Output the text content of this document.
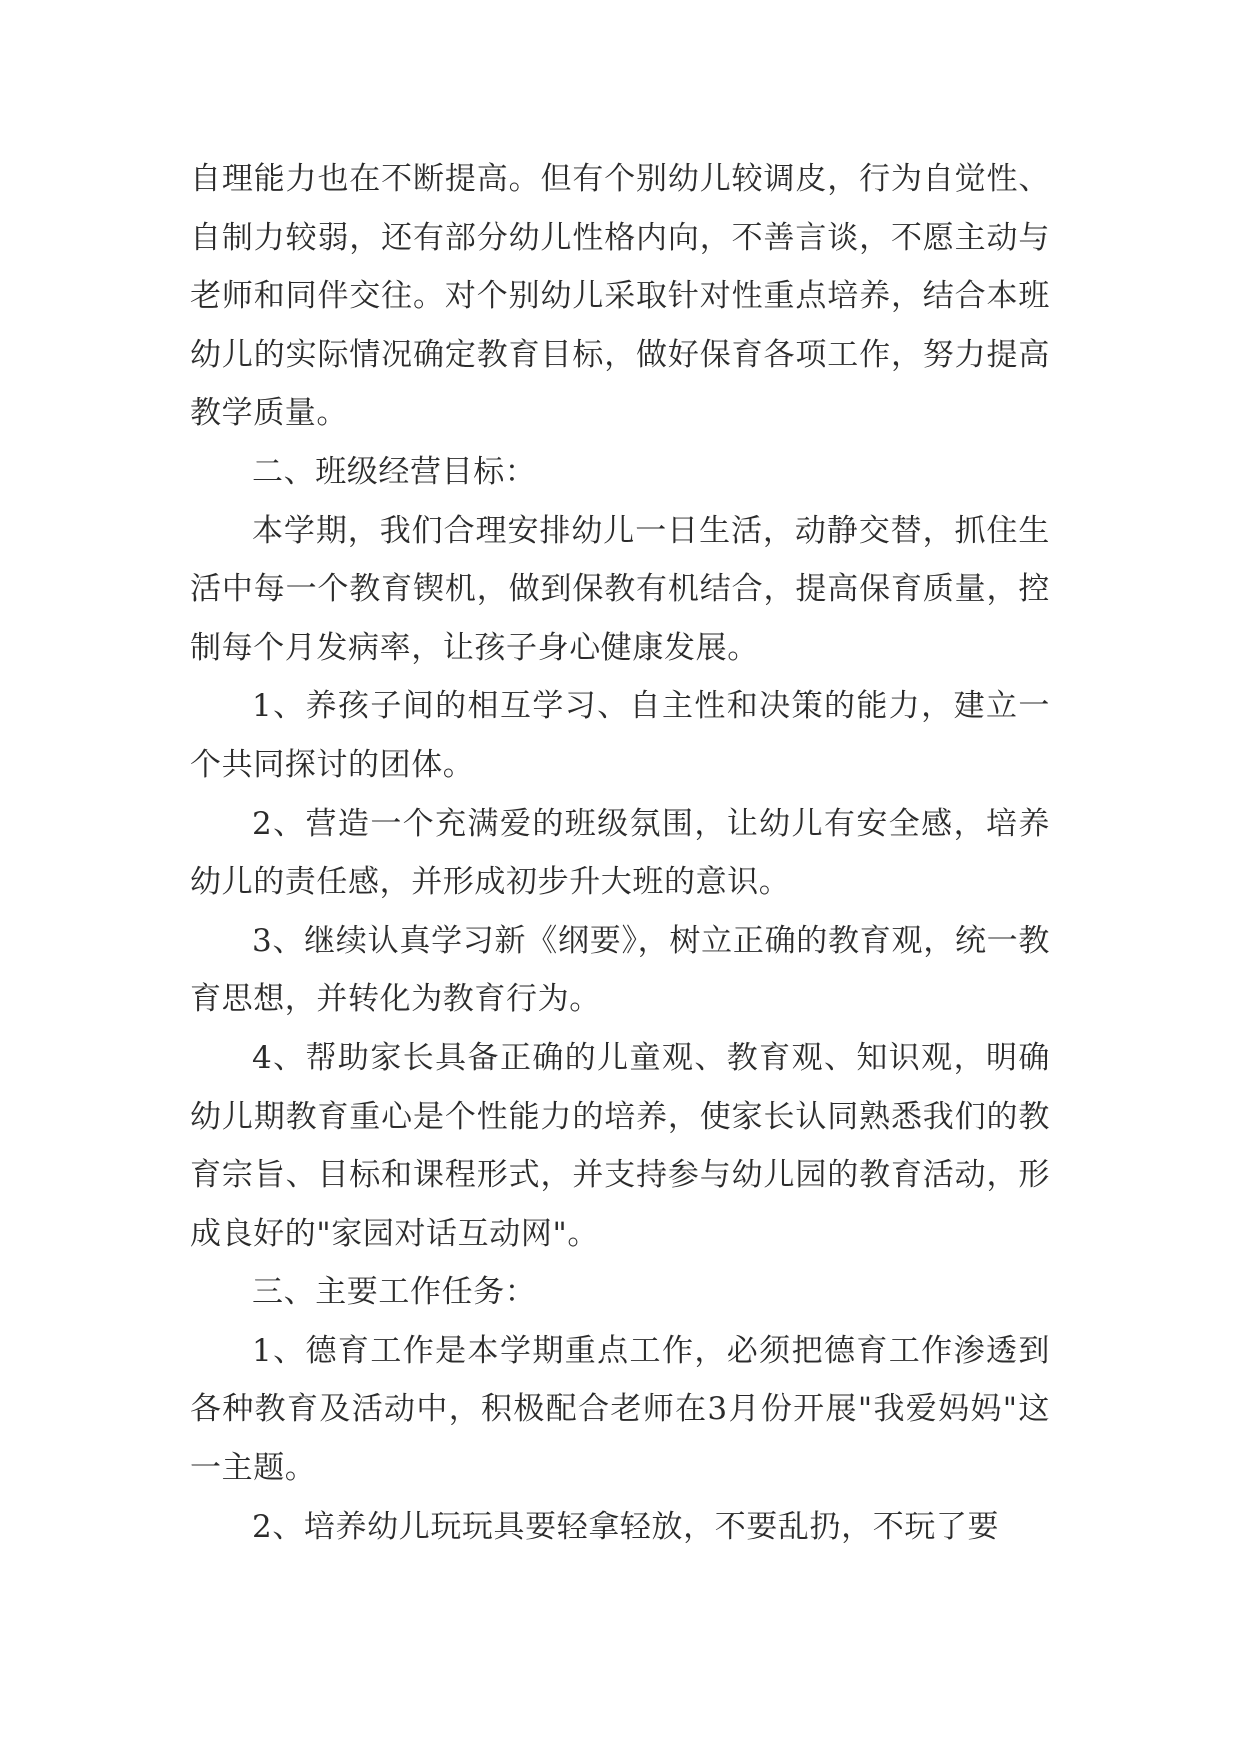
自理能力也在不断提高。但有个别幼儿较调皮，行为自觉性、自制力较弱，还有部分幼儿性格内向，不善言谈，不愿主动与老师和同伴交往。对个别幼儿采取针对性重点培养，结合本班幼儿的实际情况确定教育目标，做好保育各项工作，努力提高教学质量。

二、班级经营目标：

本学期，我们合理安排幼儿一日生活，动静交替，抓住生活中每一个教育锲机，做到保教有机结合，提高保育质量，控制每个月发病率，让孩子身心健康发展。

1、养孩子间的相互学习、自主性和决策的能力，建立一个共同探讨的团体。

2、营造一个充满爱的班级氛围，让幼儿有安全感，培养幼儿的责任感，并形成初步升大班的意识。

3、继续认真学习新《纲要》，树立正确的教育观，统一教育思想，并转化为教育行为。

4、帮助家长具备正确的儿童观、教育观、知识观，明确幼儿期教育重心是个性能力的培养，使家长认同熟悉我们的教育宗旨、目标和课程形式，并支持参与幼儿园的教育活动，形成良好的"家园对话互动网"。

三、主要工作任务：

1、德育工作是本学期重点工作，必须把德育工作渗透到各种教育及活动中，积极配合老师在3月份开展"我爱妈妈"这一主题。

2、培养幼儿玩玩具要轻拿轻放，不要乱扔，不玩了要
